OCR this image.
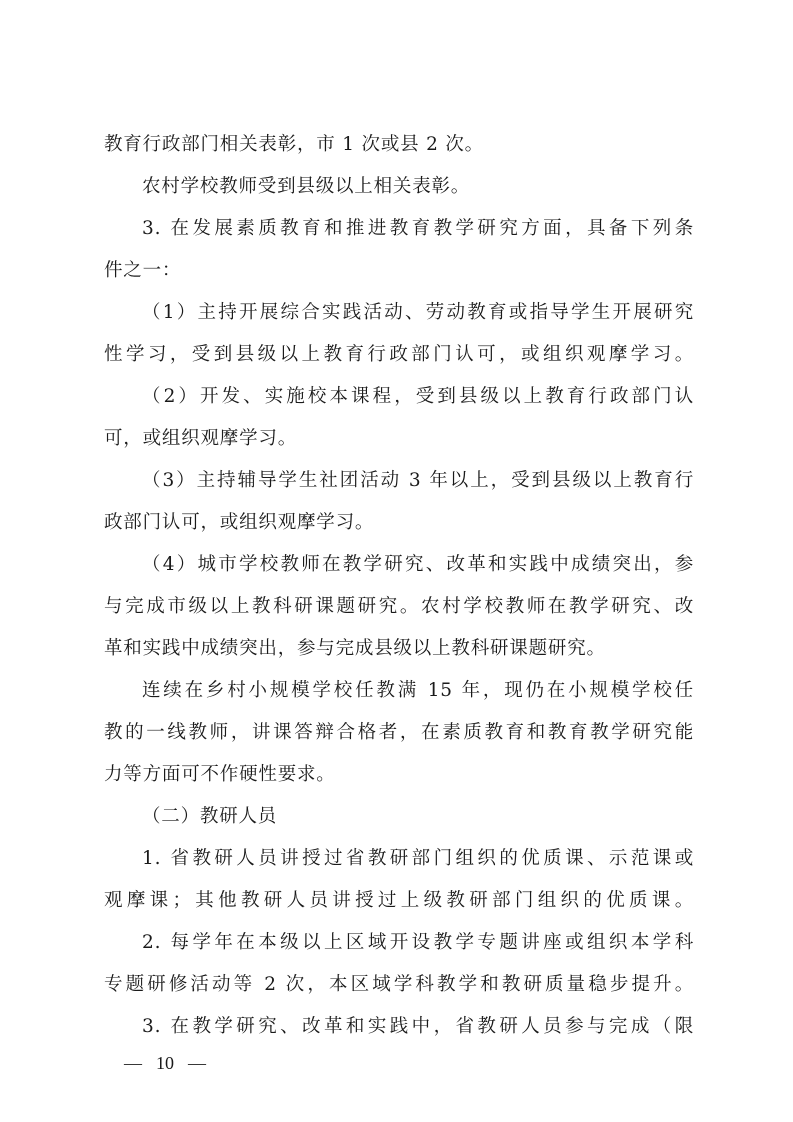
教育行政部门相关表彰，市 1 次或县 2 次。
农村学校教师受到县级以上相关表彰。
3. 在发展素质教育和推进教育教学研究方面，具备下列条
件之一：
（1）主持开展综合实践活动、劳动教育或指导学生开展研究
性学习，受到县级以上教育行政部门认可，或组织观摩学习。
（2）开发、实施校本课程，受到县级以上教育行政部门认
可，或组织观摩学习。
（3）主持辅导学生社团活动 3 年以上，受到县级以上教育行
政部门认可，或组织观摩学习。
（4）城市学校教师在教学研究、改革和实践中成绩突出，参
与完成市级以上教科研课题研究。农村学校教师在教学研究、改
革和实践中成绩突出，参与完成县级以上教科研课题研究。
连续在乡村小规模学校任教满 15 年，现仍在小规模学校任
教的一线教师，讲课答辩合格者，在素质教育和教育教学研究能
力等方面可不作硬性要求。
（二）教研人员
1. 省教研人员讲授过省教研部门组织的优质课、示范课或
观摩课；其他教研人员讲授过上级教研部门组织的优质课。
2. 每学年在本级以上区域开设教学专题讲座或组织本学科
专题研修活动等 2 次，本区域学科教学和教研质量稳步提升。
3. 在教学研究、改革和实践中，省教研人员参与完成（限
— 10 —
